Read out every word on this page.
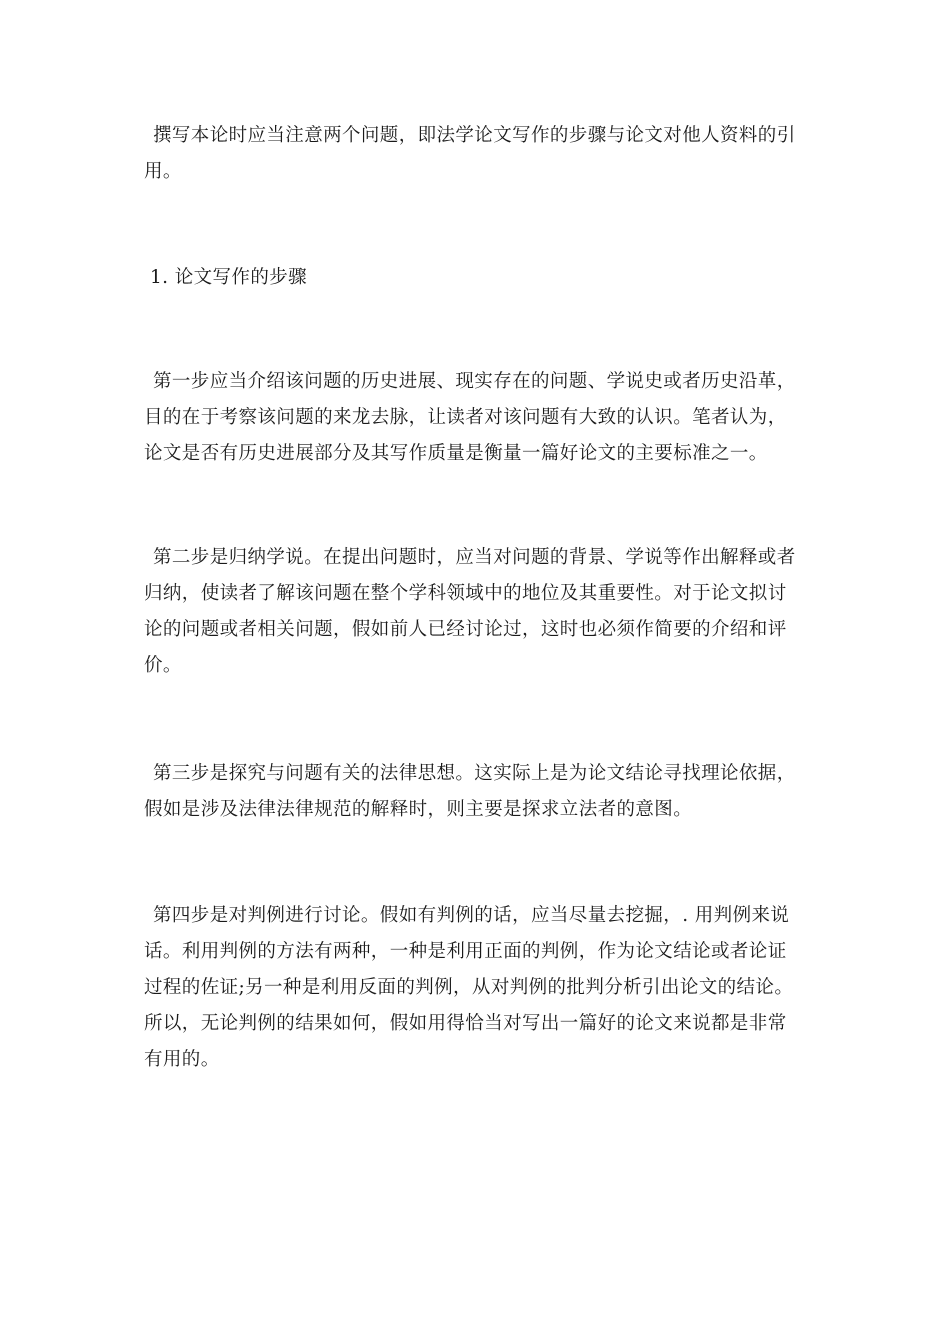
撰写本论时应当注意两个问题，即法学论文写作的步骤与论文对他人资料的引用。

1. 论文写作的步骤

第一步应当介绍该问题的历史进展、现实存在的问题、学说史或者历史沿革，目的在于考察该问题的来龙去脉，让读者对该问题有大致的认识。笔者认为，论文是否有历史进展部分及其写作质量是衡量一篇好论文的主要标准之一。

第二步是归纳学说。在提出问题时，应当对问题的背景、学说等作出解释或者归纳，使读者了解该问题在整个学科领域中的地位及其重要性。对于论文拟讨论的问题或者相关问题，假如前人已经讨论过，这时也必须作简要的介绍和评价。

第三步是探究与问题有关的法律思想。这实际上是为论文结论寻找理论依据，假如是涉及法律法律规范的解释时，则主要是探求立法者的意图。

第四步是对判例进行讨论。假如有判例的话，应当尽量去挖掘，. 用判例来说话。利用判例的方法有两种，一种是利用正面的判例，作为论文结论或者论证过程的佐证;另一种是利用反面的判例，从对判例的批判分析引出论文的结论。所以，无论判例的结果如何，假如用得恰当对写出一篇好的论文来说都是非常有用的。
